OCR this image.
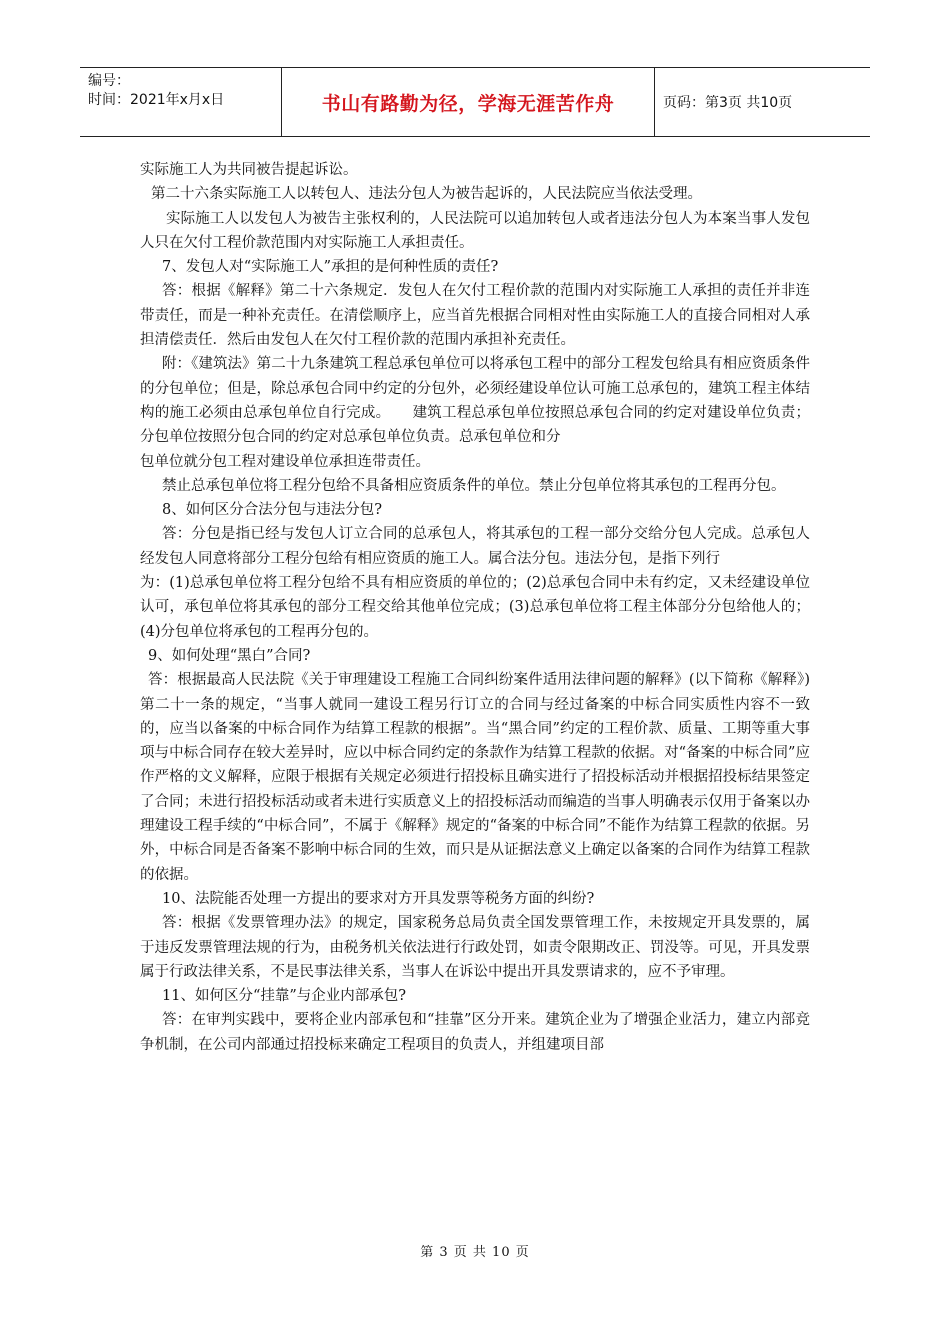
编号：
时间：2021年x月x日	书山有路勤为径，学海无涯苦作舟	页码：第3页 共10页

实际施工人为共同被告提起诉讼。

第二十六条实际施工人以转包人、违法分包人为被告起诉的，人民法院应当依法受理。

实际施工人以发包人为被告主张权利的，人民法院可以追加转包人或者违法分包人为本案当事人发包人只在欠付工程价款范围内对实际施工人承担责任。

7、发包人对“实际施工人”承担的是何种性质的责任?

答：根据《解释》第二十六条规定．发包人在欠付工程价款的范围内对实际施工人承担的责任并非连带责任，而是一种补充责任。在清偿顺序上，应当首先根据合同相对性由实际施工人的直接合同相对人承担清偿责任．然后由发包人在欠付工程价款的范围内承担补充责任。

附：《建筑法》第二十九条建筑工程总承包单位可以将承包工程中的部分工程发包给具有相应资质条件的分包单位；但是，除总承包合同中约定的分包外，必须经建设单位认可施工总承包的，建筑工程主体结构的施工必须由总承包单位自行完成。　　建筑工程总承包单位按照总承包合同的约定对建设单位负责；分包单位按照分包合同的约定对总承包单位负责。总承包单位和分

包单位就分包工程对建设单位承担连带责任。

禁止总承包单位将工程分包给不具备相应资质条件的单位。禁止分包单位将其承包的工程再分包。

8、如何区分合法分包与违法分包?

答：分包是指已经与发包人订立合同的总承包人，将其承包的工程一部分交给分包人完成。总承包人经发包人同意将部分工程分包给有相应资质的施工人。属合法分包。违法分包，是指下列行

为：(1)总承包单位将工程分包给不具有相应资质的单位的；(2)总承包合同中未有约定，又未经建设单位认可，承包单位将其承包的部分工程交给其他单位完成；(3)总承包单位将工程主体部分分包给他人的；(4)分包单位将承包的工程再分包的。

9、如何处理“黑白”合同?

答：根据最高人民法院《关于审理建设工程施工合同纠纷案件适用法律问题的解释》(以下简称《解释》)第二十一条的规定，“当事人就同一建设工程另行订立的合同与经过备案的中标合同实质性内容不一致的，应当以备案的中标合同作为结算工程款的根据”。当“黑合同”约定的工程价款、质量、工期等重大事项与中标合同存在较大差异时，应以中标合同约定的条款作为结算工程款的依据。对“备案的中标合同”应作严格的文义解释，应限于根据有关规定必须进行招投标且确实进行了招投标活动并根据招投标结果签定了合同；未进行招投标活动或者未进行实质意义上的招投标活动而编造的当事人明确表示仅用于备案以办理建设工程手续的“中标合同”，不属于《解释》规定的“备案的中标合同”不能作为结算工程款的依据。另外，中标合同是否备案不影响中标合同的生效，而只是从证据法意义上确定以备案的合同作为结算工程款的依据。

10、法院能否处理一方提出的要求对方开具发票等税务方面的纠纷?

答：根据《发票管理办法》的规定，国家税务总局负责全国发票管理工作，未按规定开具发票的，属于违反发票管理法规的行为，由税务机关依法进行行政处罚，如责令限期改正、罚没等。可见，开具发票属于行政法律关系，不是民事法律关系，当事人在诉讼中提出开具发票请求的，应不予审理。

11、如何区分“挂靠”与企业内部承包?

答：在审判实践中，要将企业内部承包和“挂靠”区分开来。建筑企业为了增强企业活力，建立内部竞争机制，在公司内部通过招投标来确定工程项目的负责人，并组建项目部

第 3 页 共 10 页
